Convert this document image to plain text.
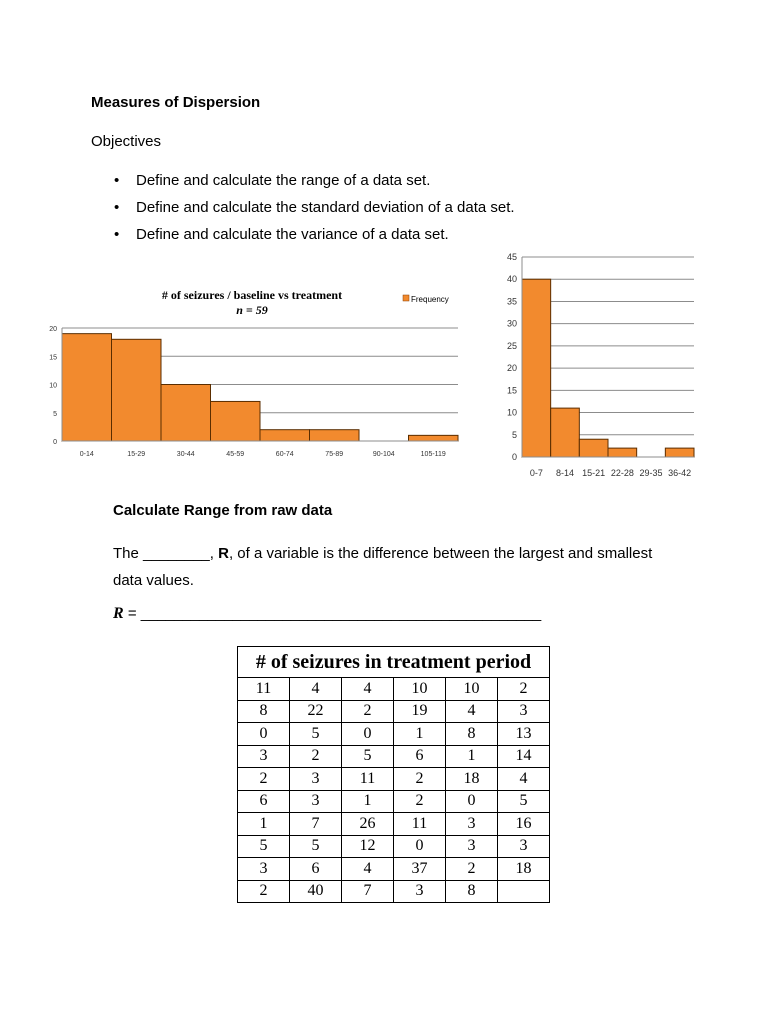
Measures of Dispersion
Objectives
• Define and calculate the range of a data set.
• Define and calculate the standard deviation of a data set.
• Define and calculate the variance of a data set.
# of seizures / baseline vs treatment
n = 59
Frequency
0
5
10
15
20
0-14	15-29	30-44	45-59	60-74	75-89	90-104	105-119	0
5
10
15
20
25
30
35
40
45
0-7 8-14 15-21 22-28 29-35 36-42
Calculate Range from raw data
The ________, R, of a variable is the difference between the largest and smallest data values.
R = ________________________________________________
# of seizures in treatment period					
11	4	4	10	10	2
8	22	2	19	4	3
0	5	0	1	8	13
3	2	5	6	1	14
2	3	11	2	18	4
6	3	1	2	0	5
1	7	26	11	3	16
5	5	12	0	3	3
3	6	4	37	2	18
2	40	7	3	8	
